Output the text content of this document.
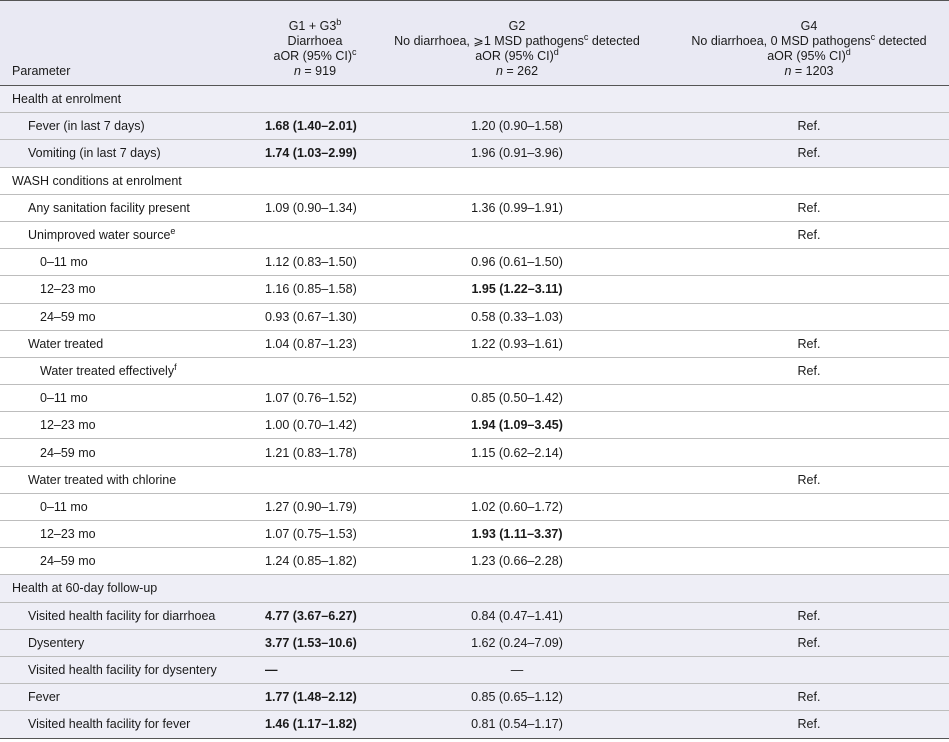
Parameter	$G1 + G3^b$
Diarrhoea
aOR (95% CI)$^c$
n = 919	G2
No diarrhoea, ⩾1 MSD pathogens$^c$ detected
aOR (95% CI)$^d$
n = 262	G4
No diarrhoea, 0 MSD pathogens$^c$ detected
aOR (95% CI)$^d$
n = 1203
Health at enrolment			
Fever (in last 7 days)	1.68 (1.40–2.01)	1.20 (0.90–1.58)	Ref.
Vomiting (in last 7 days)	1.74 (1.03–2.99)	1.96 (0.91–3.96)	Ref.
WASH conditions at enrolment			
Any sanitation facility present	1.09 (0.90–1.34)	1.36 (0.99–1.91)	Ref.
Unimproved water source$^e$			Ref.
0–11 mo	1.12 (0.83–1.50)	0.96 (0.61–1.50)	
12–23 mo	1.16 (0.85–1.58)	1.95 (1.22–3.11)	
24–59 mo	0.93 (0.67–1.30)	0.58 (0.33–1.03)	
Water treated	1.04 (0.87–1.23)	1.22 (0.93–1.61)	Ref.
Water treated effectively$^f$			Ref.
0–11 mo	1.07 (0.76–1.52)	0.85 (0.50–1.42)	
12–23 mo	1.00 (0.70–1.42)	1.94 (1.09–3.45)	
24–59 mo	1.21 (0.83–1.78)	1.15 (0.62–2.14)	
Water treated with chlorine			Ref.
0–11 mo	1.27 (0.90–1.79)	1.02 (0.60–1.72)	
12–23 mo	1.07 (0.75–1.53)	1.93 (1.11–3.37)	
24–59 mo	1.24 (0.85–1.82)	1.23 (0.66–2.28)	
Health at 60-day follow-up			
Visited health facility for diarrhoea	4.77 (3.67–6.27)	0.84 (0.47–1.41)	Ref.
Dysentery	3.77 (1.53–10.6)	1.62 (0.24–7.09)	Ref.
Visited health facility for dysentery	—	—	
Fever	1.77 (1.48–2.12)	0.85 (0.65–1.12)	Ref.
Visited health facility for fever	1.46 (1.17–1.82)	0.81 (0.54–1.17)	Ref.
